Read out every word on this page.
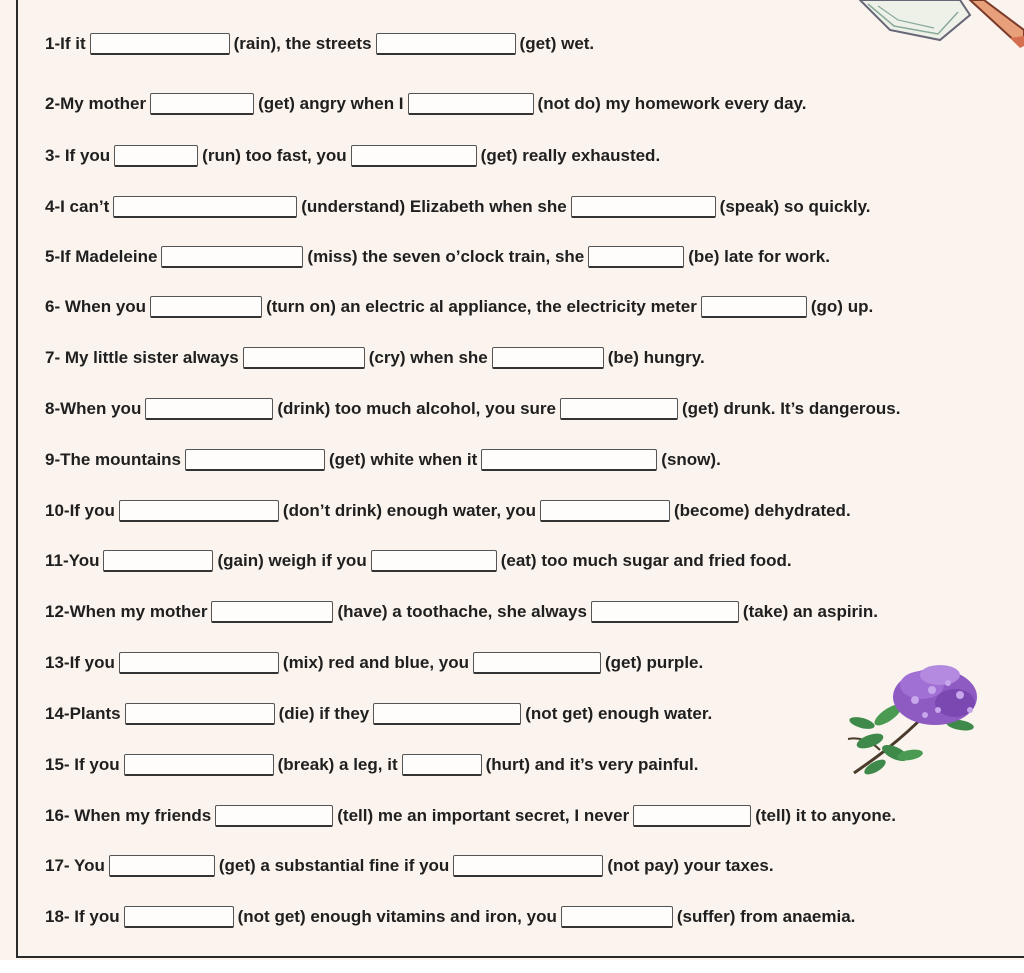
1-If it	(rain), the streets	(get) wet.
2-My mother	(get) angry when I	(not do) my homework every day.
3- If you	(run) too fast, you	(get) really exhausted.
4-I can’t	(understand) Elizabeth when she	(speak) so quickly.
5-If Madeleine	(miss) the seven o’clock train, she	(be) late for work.
6- When you	(turn on) an electric al appliance, the electricity meter	(go) up.
7- My little sister always	(cry) when she	(be) hungry.
8-When you	(drink) too much alcohol, you sure	(get) drunk. It’s dangerous.
9-The mountains	(get) white when it	(snow).
10-If you	(don’t drink) enough water, you	(become) dehydrated.
11-You	(gain) weigh if you	(eat) too much sugar and fried food.
12-When my mother	(have) a toothache, she always	(take) an aspirin.
13-If you	(mix) red and blue, you	(get) purple.
14-Plants	(die) if they	(not get) enough water.
15- If you	(break) a leg, it	(hurt) and it’s very painful.
16- When my friends	(tell) me an important secret, I never	(tell) it to anyone.
17- You	(get) a substantial fine if you	(not pay) your taxes.
18- If you	(not get) enough vitamins and iron, you	(suffer) from anaemia.
